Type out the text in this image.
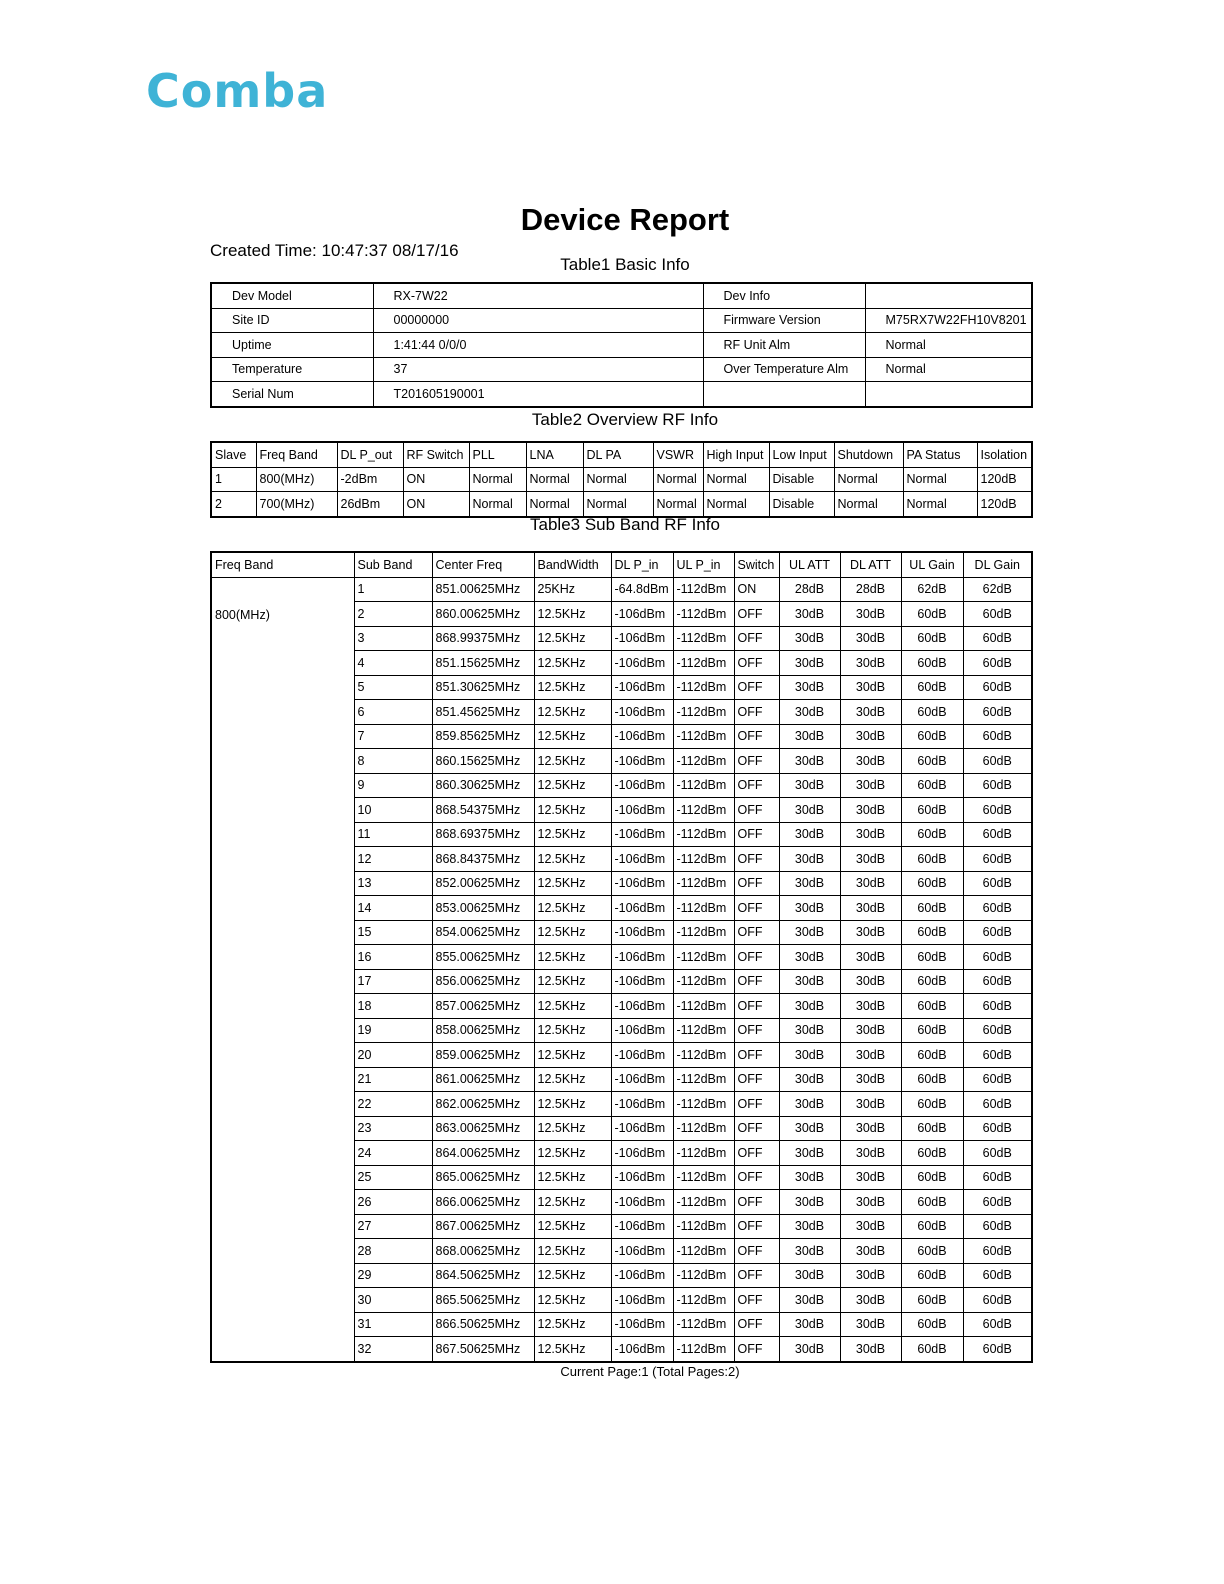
Comba
Device Report
Created Time: 10:47:37 08/17/16
Table1 Basic Info
Dev Model	RX-7W22	Dev Info	
Site ID	00000000	Firmware Version	M75RX7W22FH10V8201
Uptime	1:41:44 0/0/0	RF Unit Alm	Normal
Temperature	37	Over Temperature Alm	Normal
Serial Num	T201605190001		
Table2 Overview RF Info
Slave	Freq Band	DL P_out	RF Switch	PLL	LNA	DL PA	VSWR	High Input	Low Input	Shutdown	PA Status	Isolation
1	800(MHz)	-2dBm	ON	Normal	Normal	Normal	Normal	Normal	Disable	Normal	Normal	120dB
2	700(MHz)	26dBm	ON	Normal	Normal	Normal	Normal	Normal	Disable	Normal	Normal	120dB
Table3 Sub Band RF Info
Freq Band	Sub Band	Center Freq	BandWidth	DL P_in	UL P_in	Switch	UL ATT	DL ATT	UL Gain	DL Gain
800(MHz)	1	851.00625MHz	25KHz	-64.8dBm	-112dBm	ON	28dB	28dB	62dB	62dB
	2	860.00625MHz	12.5KHz	-106dBm	-112dBm	OFF	30dB	30dB	60dB	60dB
	3	868.99375MHz	12.5KHz	-106dBm	-112dBm	OFF	30dB	30dB	60dB	60dB
	4	851.15625MHz	12.5KHz	-106dBm	-112dBm	OFF	30dB	30dB	60dB	60dB
	5	851.30625MHz	12.5KHz	-106dBm	-112dBm	OFF	30dB	30dB	60dB	60dB
	6	851.45625MHz	12.5KHz	-106dBm	-112dBm	OFF	30dB	30dB	60dB	60dB
	7	859.85625MHz	12.5KHz	-106dBm	-112dBm	OFF	30dB	30dB	60dB	60dB
	8	860.15625MHz	12.5KHz	-106dBm	-112dBm	OFF	30dB	30dB	60dB	60dB
	9	860.30625MHz	12.5KHz	-106dBm	-112dBm	OFF	30dB	30dB	60dB	60dB
	10	868.54375MHz	12.5KHz	-106dBm	-112dBm	OFF	30dB	30dB	60dB	60dB
	11	868.69375MHz	12.5KHz	-106dBm	-112dBm	OFF	30dB	30dB	60dB	60dB
	12	868.84375MHz	12.5KHz	-106dBm	-112dBm	OFF	30dB	30dB	60dB	60dB
	13	852.00625MHz	12.5KHz	-106dBm	-112dBm	OFF	30dB	30dB	60dB	60dB
	14	853.00625MHz	12.5KHz	-106dBm	-112dBm	OFF	30dB	30dB	60dB	60dB
	15	854.00625MHz	12.5KHz	-106dBm	-112dBm	OFF	30dB	30dB	60dB	60dB
	16	855.00625MHz	12.5KHz	-106dBm	-112dBm	OFF	30dB	30dB	60dB	60dB
	17	856.00625MHz	12.5KHz	-106dBm	-112dBm	OFF	30dB	30dB	60dB	60dB
	18	857.00625MHz	12.5KHz	-106dBm	-112dBm	OFF	30dB	30dB	60dB	60dB
	19	858.00625MHz	12.5KHz	-106dBm	-112dBm	OFF	30dB	30dB	60dB	60dB
	20	859.00625MHz	12.5KHz	-106dBm	-112dBm	OFF	30dB	30dB	60dB	60dB
	21	861.00625MHz	12.5KHz	-106dBm	-112dBm	OFF	30dB	30dB	60dB	60dB
	22	862.00625MHz	12.5KHz	-106dBm	-112dBm	OFF	30dB	30dB	60dB	60dB
	23	863.00625MHz	12.5KHz	-106dBm	-112dBm	OFF	30dB	30dB	60dB	60dB
	24	864.00625MHz	12.5KHz	-106dBm	-112dBm	OFF	30dB	30dB	60dB	60dB
	25	865.00625MHz	12.5KHz	-106dBm	-112dBm	OFF	30dB	30dB	60dB	60dB
	26	866.00625MHz	12.5KHz	-106dBm	-112dBm	OFF	30dB	30dB	60dB	60dB
	27	867.00625MHz	12.5KHz	-106dBm	-112dBm	OFF	30dB	30dB	60dB	60dB
	28	868.00625MHz	12.5KHz	-106dBm	-112dBm	OFF	30dB	30dB	60dB	60dB
	29	864.50625MHz	12.5KHz	-106dBm	-112dBm	OFF	30dB	30dB	60dB	60dB
	30	865.50625MHz	12.5KHz	-106dBm	-112dBm	OFF	30dB	30dB	60dB	60dB
	31	866.50625MHz	12.5KHz	-106dBm	-112dBm	OFF	30dB	30dB	60dB	60dB
	32	867.50625MHz	12.5KHz	-106dBm	-112dBm	OFF	30dB	30dB	60dB	60dB
Current Page:1 (Total Pages:2)
